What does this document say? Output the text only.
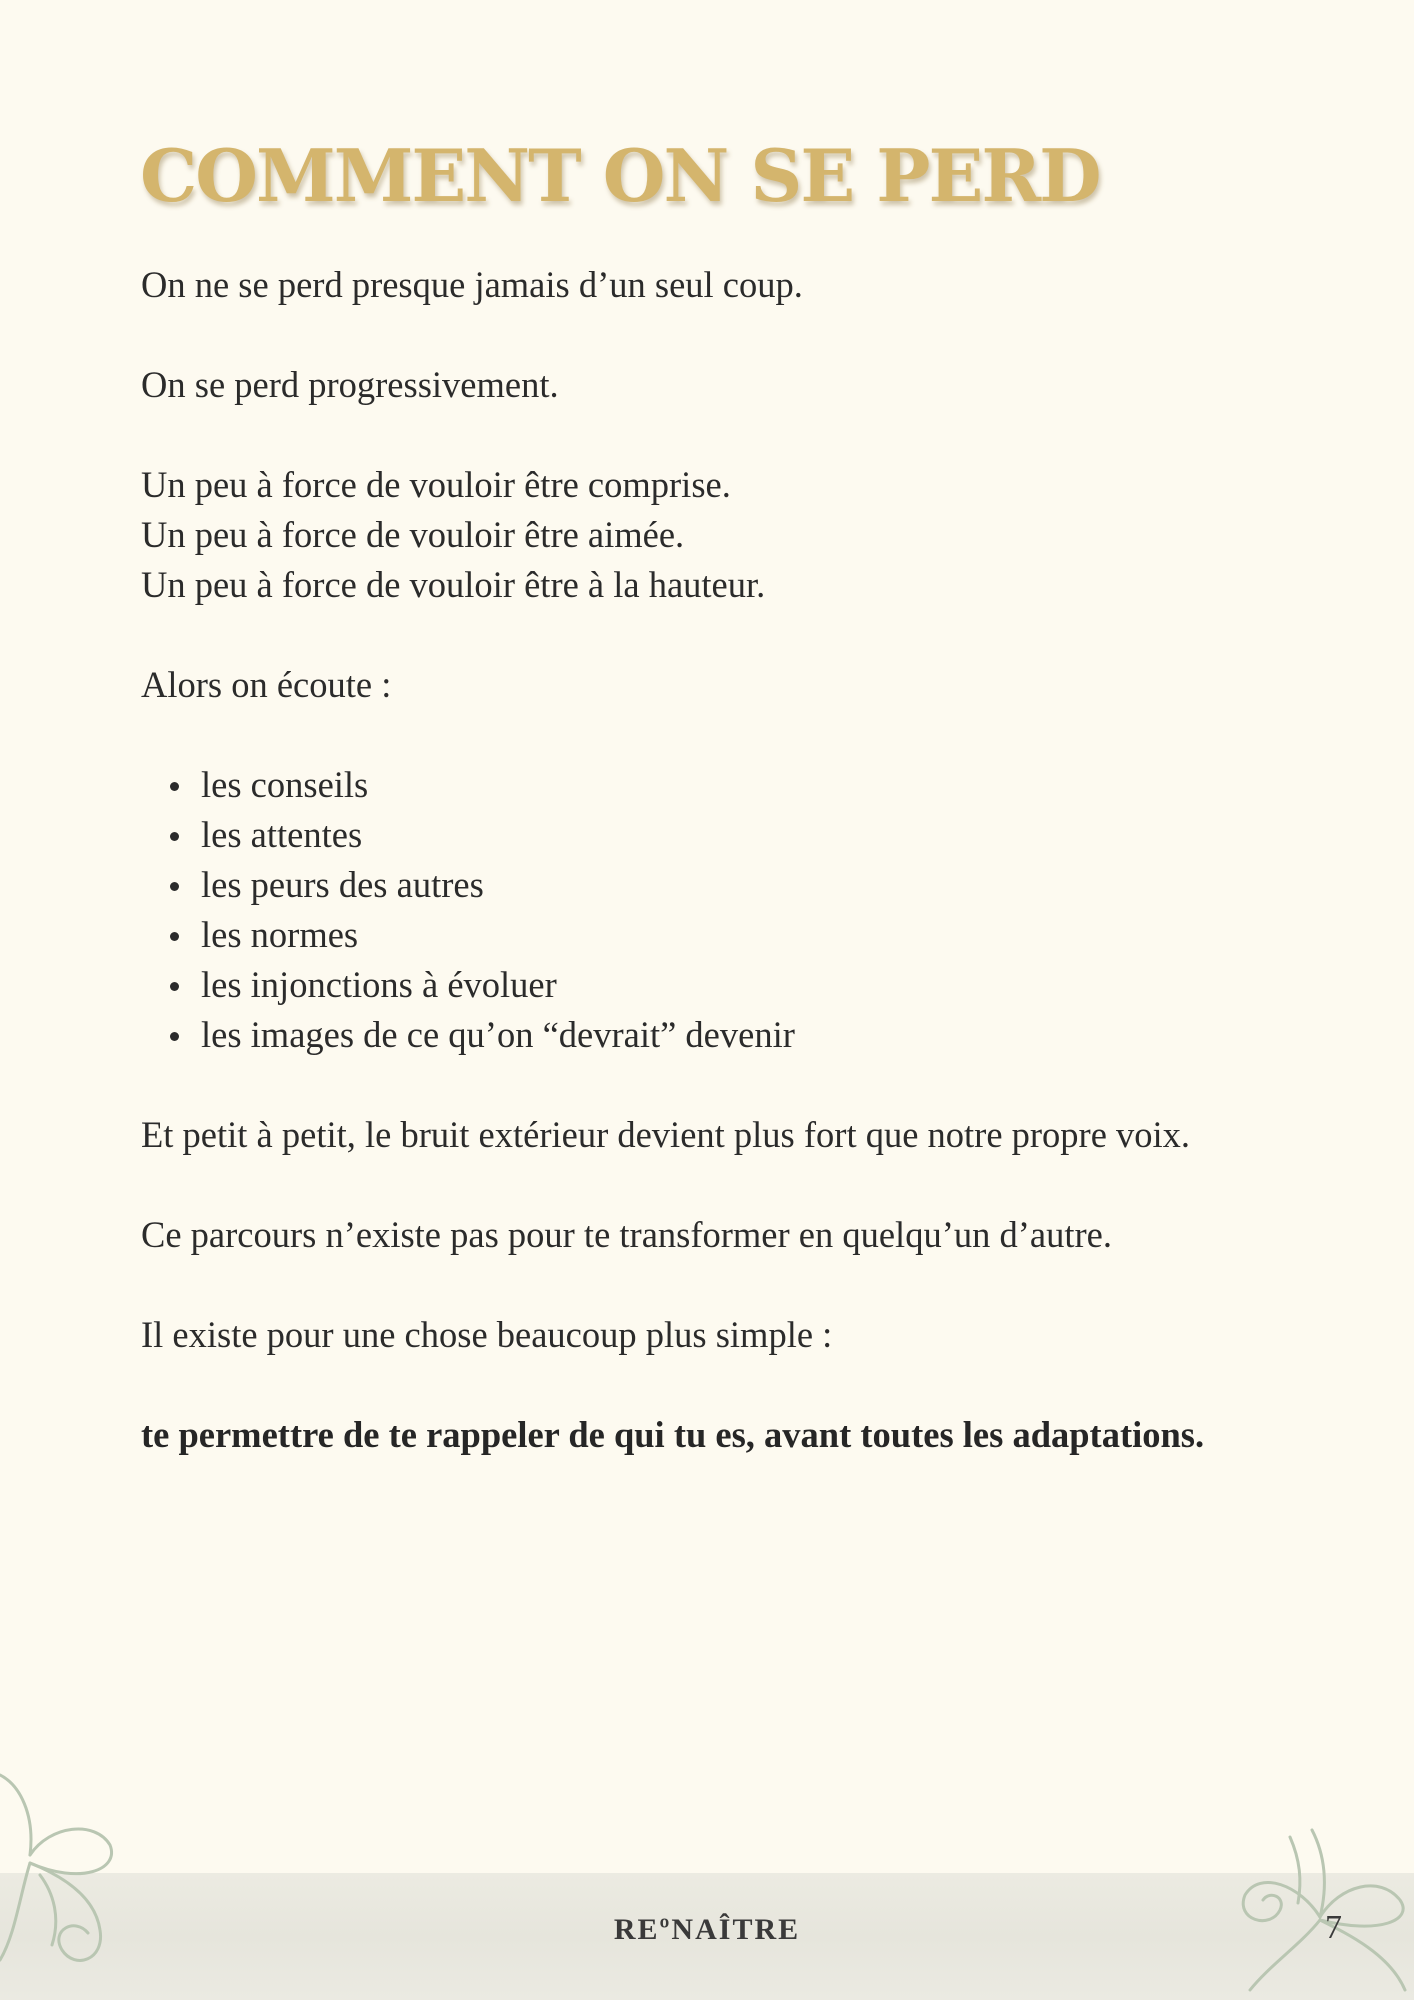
COMMENT ON SE PERD

On ne se perd presque jamais d’un seul coup.

On se perd progressivement.

Un peu à force de vouloir être comprise.
Un peu à force de vouloir être aimée.
Un peu à force de vouloir être à la hauteur.

Alors on écoute :

les conseils
les attentes
les peurs des autres
les normes
les injonctions à évoluer
les images de ce qu’on “devrait” devenir

Et petit à petit, le bruit extérieur devient plus fort que notre propre voix.

Ce parcours n’existe pas pour te transformer en quelqu’un d’autre.

Il existe pour une chose beaucoup plus simple :

te permettre de te rappeler de qui tu es, avant toutes les adaptations.

REºNAÎTRE	7
